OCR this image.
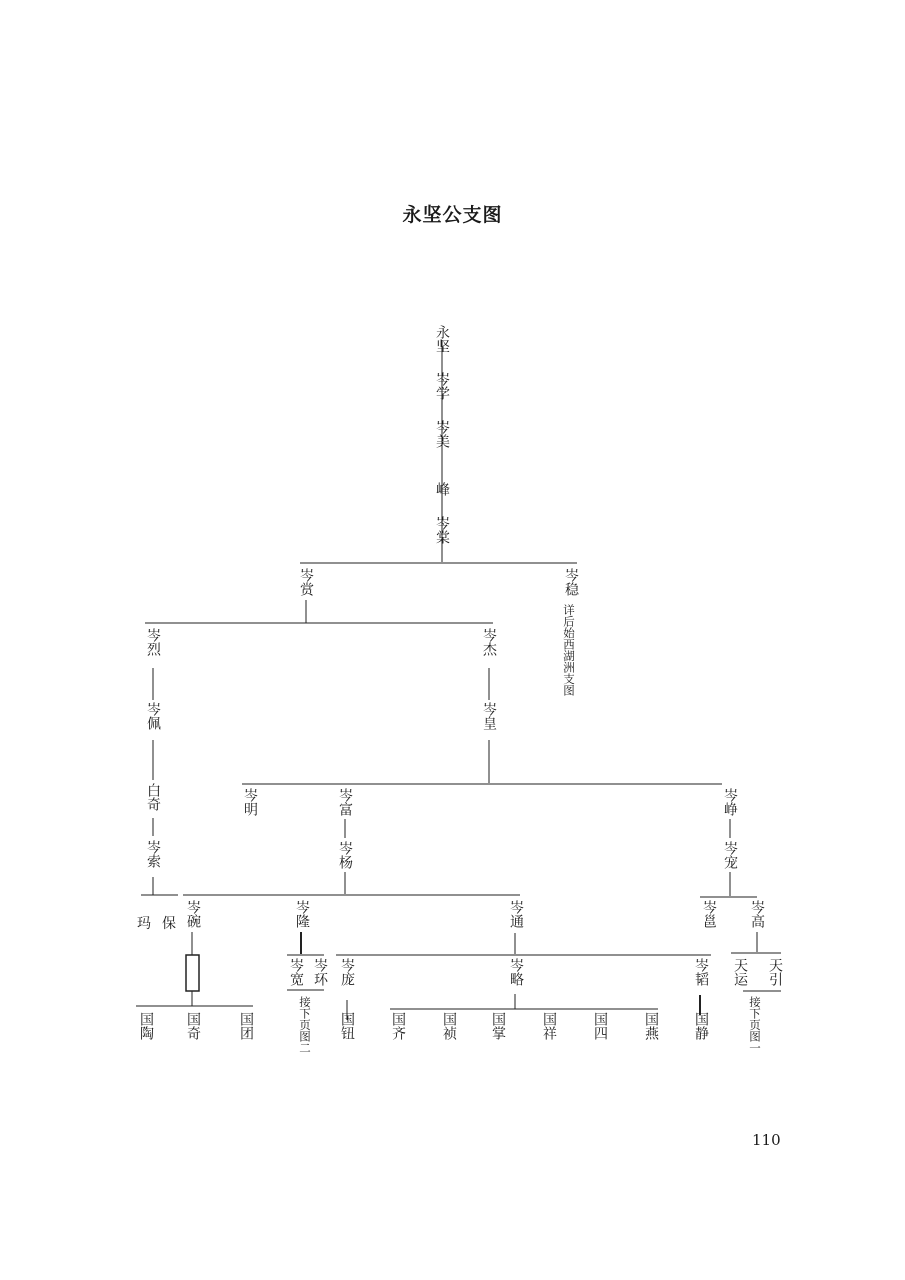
永坚公支图
永坚
岑学
岑美
峰
岑棠
岑赏	岑稳
详后始西湖洲支图
岑烈	岑杰
岑佩	岑皇
白奇
岑索
岑明	岑富
岑杨
岑峥
岑宠
玛 保 岑碗	岑隆	岑通	岑邕 岑高
岑宽 岑环
接下页图二
岑庞	岑略	岑韬 天运 天引
接下页图一
国陶 国奇	国团	国钮	国齐	国祯 国掌	国祥	国四	国燕 国静
110
